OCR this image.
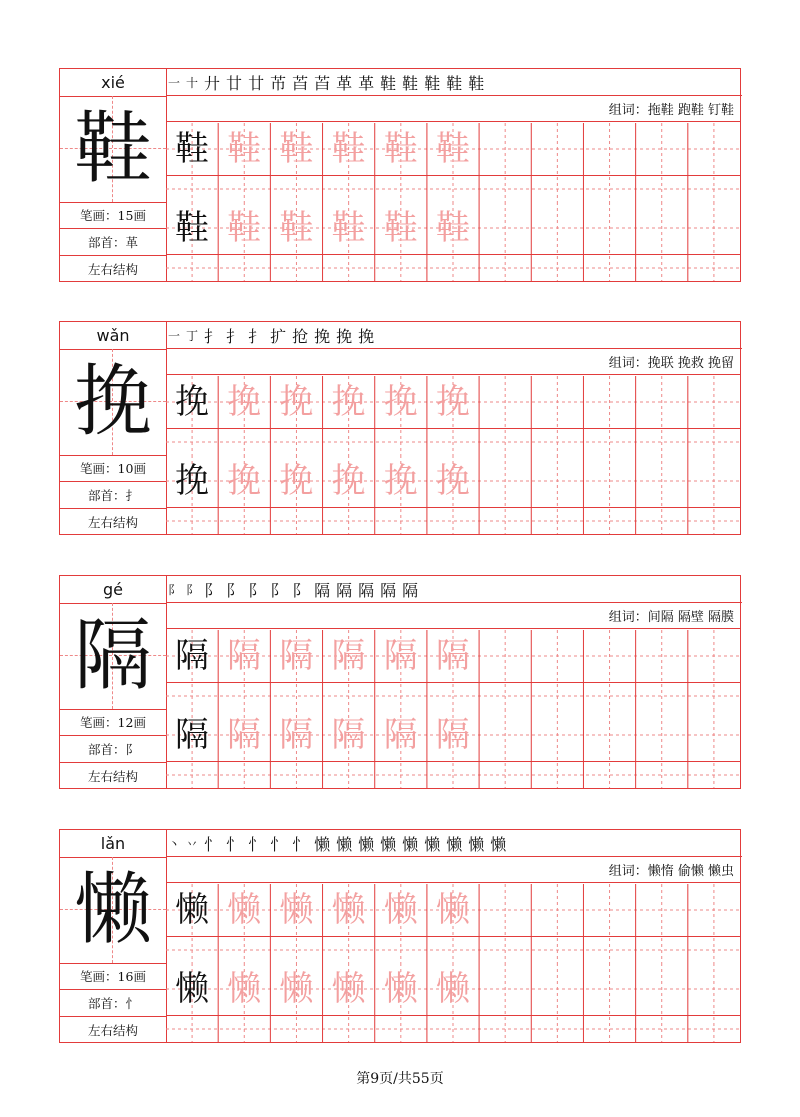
xié
鞋
笔画：15画
部首：革
左右结构
一 十 廾 廿 廿 芇 苩 苩 革 革 鞋 鞋 鞋 鞋 鞋
组词：拖鞋 跑鞋 钉鞋
鞋 鞋 鞋 鞋 鞋 鞋
鞋 鞋 鞋 鞋 鞋 鞋
wǎn
挽
笔画：10画
部首：扌
左右结构
一 丁 扌 扌 扌 扩 抢 挽 挽 挽
组词：挽联 挽救 挽留
挽 挽 挽 挽 挽 挽
挽 挽 挽 挽 挽 挽
gé
隔
笔画：12画
部首：阝
左右结构
阝 阝 阝 阝 阝 阝 阝 隔 隔 隔 隔 隔
组词：间隔 隔壁 隔膜
隔 隔 隔 隔 隔 隔
隔 隔 隔 隔 隔 隔
lǎn
懒
笔画：16画
部首：忄
左右结构
丶 丷 忄 忄 忄 忄 忄 懒 懒 懒 懒 懒 懒 懒 懒 懒
组词：懒惰 偷懒 懒虫
懒 懒 懒 懒 懒 懒
懒 懒 懒 懒 懒 懒
第9页/共55页
